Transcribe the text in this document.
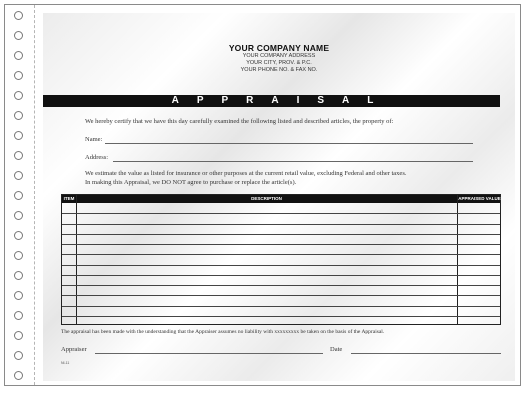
YOUR COMPANY NAME
YOUR COMPANY ADDRESS
YOUR CITY, PROV. & P.C.
YOUR PHONE NO. & FAX NO.
APPRAISAL
We hereby certify that we have this day carefully examined the following listed and described articles, the property of:
Name:
Address:
We estimate the value as listed for insurance or other purposes at the current retail value, excluding Federal and other taxes.
In making this Appraisal, we DO NOT agree to purchase or replace the article(s).
ITEM	DESCRIPTION	APPRAISED VALUE
The appraisal has been made with the understanding that the Appraiser assumes no liability with xxxxxxxxx be taken on the basis of the Appraisal.
Appraiser	Date
NI-11
